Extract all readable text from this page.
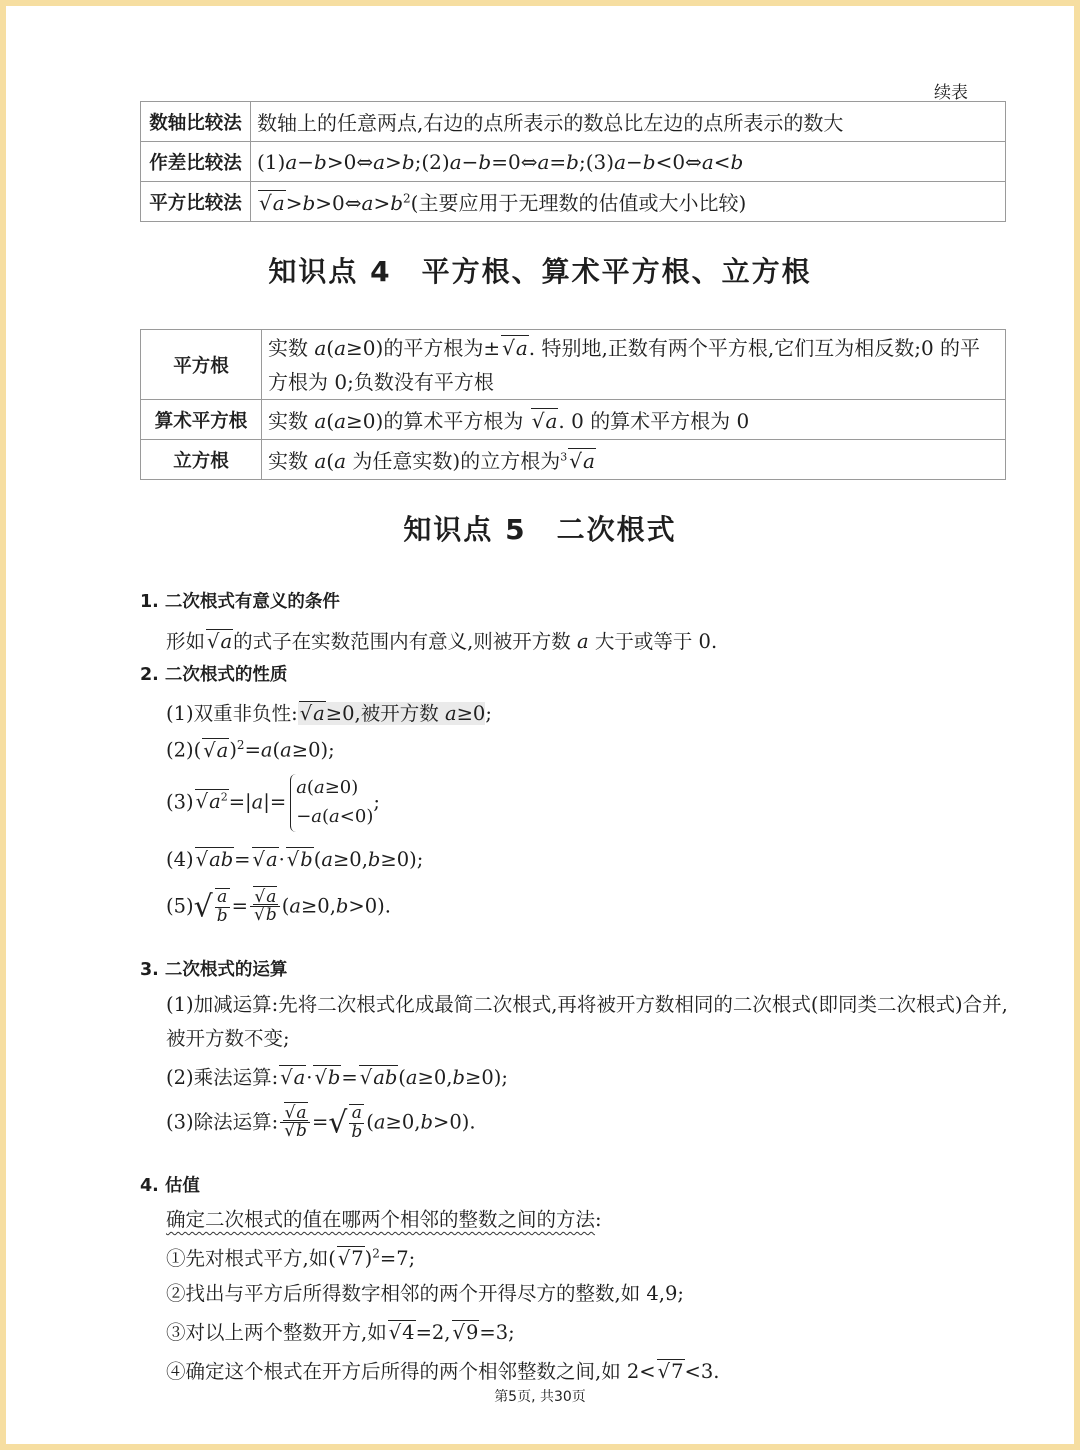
续表
数轴比较法	数轴上的任意两点,右边的点所表示的数总比左边的点所表示的数大
作差比较法	(1)a−b>0⇔a>b;(2)a−b=0⇔a=b;(3)a−b<0⇔a<b
平方比较法	√ $a>b>0\Leftrightarrow a>b^2$(主要应用于无理数的估值或大小比较)
知识点 4　平方根、算术平方根、立方根
平方根	实数 a(a≥0)的平方根为± √ a. 特别地,正数有两个平方根,它们互为相反数;0 的平方根为 0;负数没有平方根
算术平方根	实数 a(a≥0)的算术平方根为 √ a. 0 的算术平方根为 0
立方根	实数 a(a 为任意实数)的立方根为$^3$ √ a
知识点 5　二次根式
1. 二次根式有意义的条件
形如 √ a的式子在实数范围内有意义,则被开方数 a 大于或等于 0.
2. 二次根式的性质
(1)双重非负性: √ a≥0,被开方数 a≥0;
(2)( √ a)$^2$=a(a≥0);
(3) √ $a^2=|a|=a(a\ge 0)$
−a(a<0);
(4) √ ab= √ a· √ b(a≥0,b≥0);
$(5)√ \frac{a}{b}$ = √ a
√ b (a≥0,b>0).
3. 二次根式的运算
(1)加减运算:先将二次根式化成最简二次根式,再将被开方数相同的二次根式(即同类二次根式)合并,被开方数不变;
(2)乘法运算: √ a· √ b= √ ab(a≥0,b≥0);
(3)除法运算: √ a
√ b =√ $\frac{a}{b} (a\ge 0,b>0)$.
4. 估值
确定二次根式的值在哪两个相邻的整数之间的方法:
①先对根式平方,如( √ 7)$^2$=7;
②找出与平方后所得数字相邻的两个开得尽方的整数,如 4,9;
③对以上两个整数开方,如 √ 4=2, √ 9=3;
④确定这个根式在开方后所得的两个相邻整数之间,如 2< √ 7<3.
第5页, 共30页
